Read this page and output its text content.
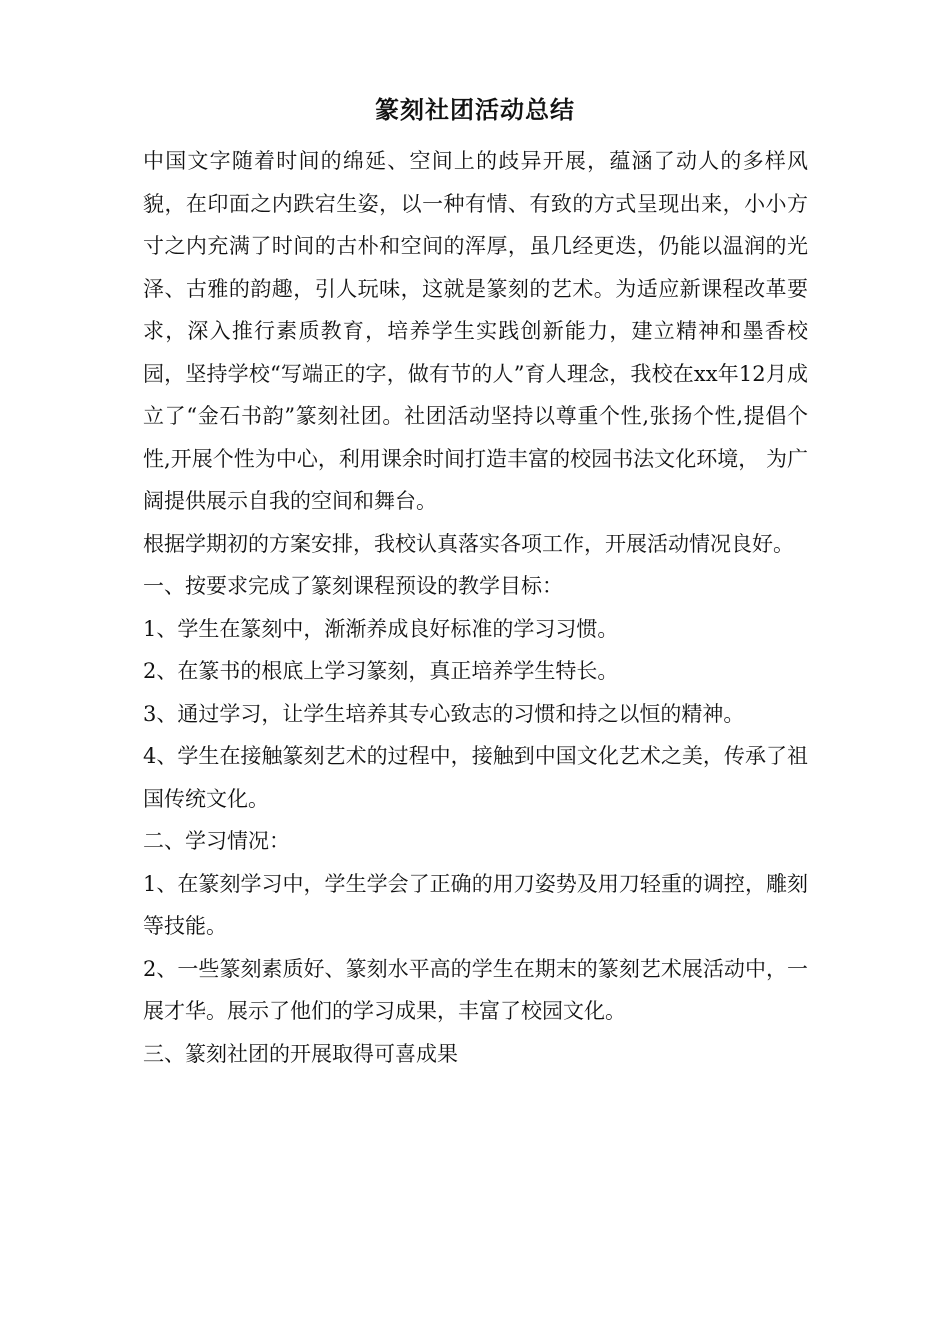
篆刻社团活动总结

中国文字随着时间的绵延、空间上的歧异开展，蕴涵了动人的多样风貌，在印面之内跌宕生姿，以一种有情、有致的方式呈现出来，小小方寸之内充满了时间的古朴和空间的浑厚，虽几经更迭，仍能以温润的光泽、古雅的韵趣，引人玩味，这就是篆刻的艺术。为适应新课程改革要求，深入推行素质教育，培养学生实践创新能力，建立精神和墨香校园，坚持学校“写端正的字，做有节的人”育人理念，我校在xx年12月成立了“金石书韵”篆刻社团。社团活动坚持以尊重个性,张扬个性,提倡个性,开展个性为中心，利用课余时间打造丰富的校园书法文化环境， 为广阔提供展示自我的空间和舞台。

根据学期初的方案安排，我校认真落实各项工作，开展活动情况良好。

一、按要求完成了篆刻课程预设的教学目标：

1、学生在篆刻中，渐渐养成良好标准的学习习惯。

2、在篆书的根底上学习篆刻，真正培养学生特长。

3、通过学习，让学生培养其专心致志的习惯和持之以恒的精神。

4、学生在接触篆刻艺术的过程中，接触到中国文化艺术之美，传承了祖国传统文化。

二、学习情况：

1、在篆刻学习中，学生学会了正确的用刀姿势及用刀轻重的调控，雕刻等技能。

2、一些篆刻素质好、篆刻水平高的学生在期末的篆刻艺术展活动中，一展才华。展示了他们的学习成果，丰富了校园文化。

三、篆刻社团的开展取得可喜成果
